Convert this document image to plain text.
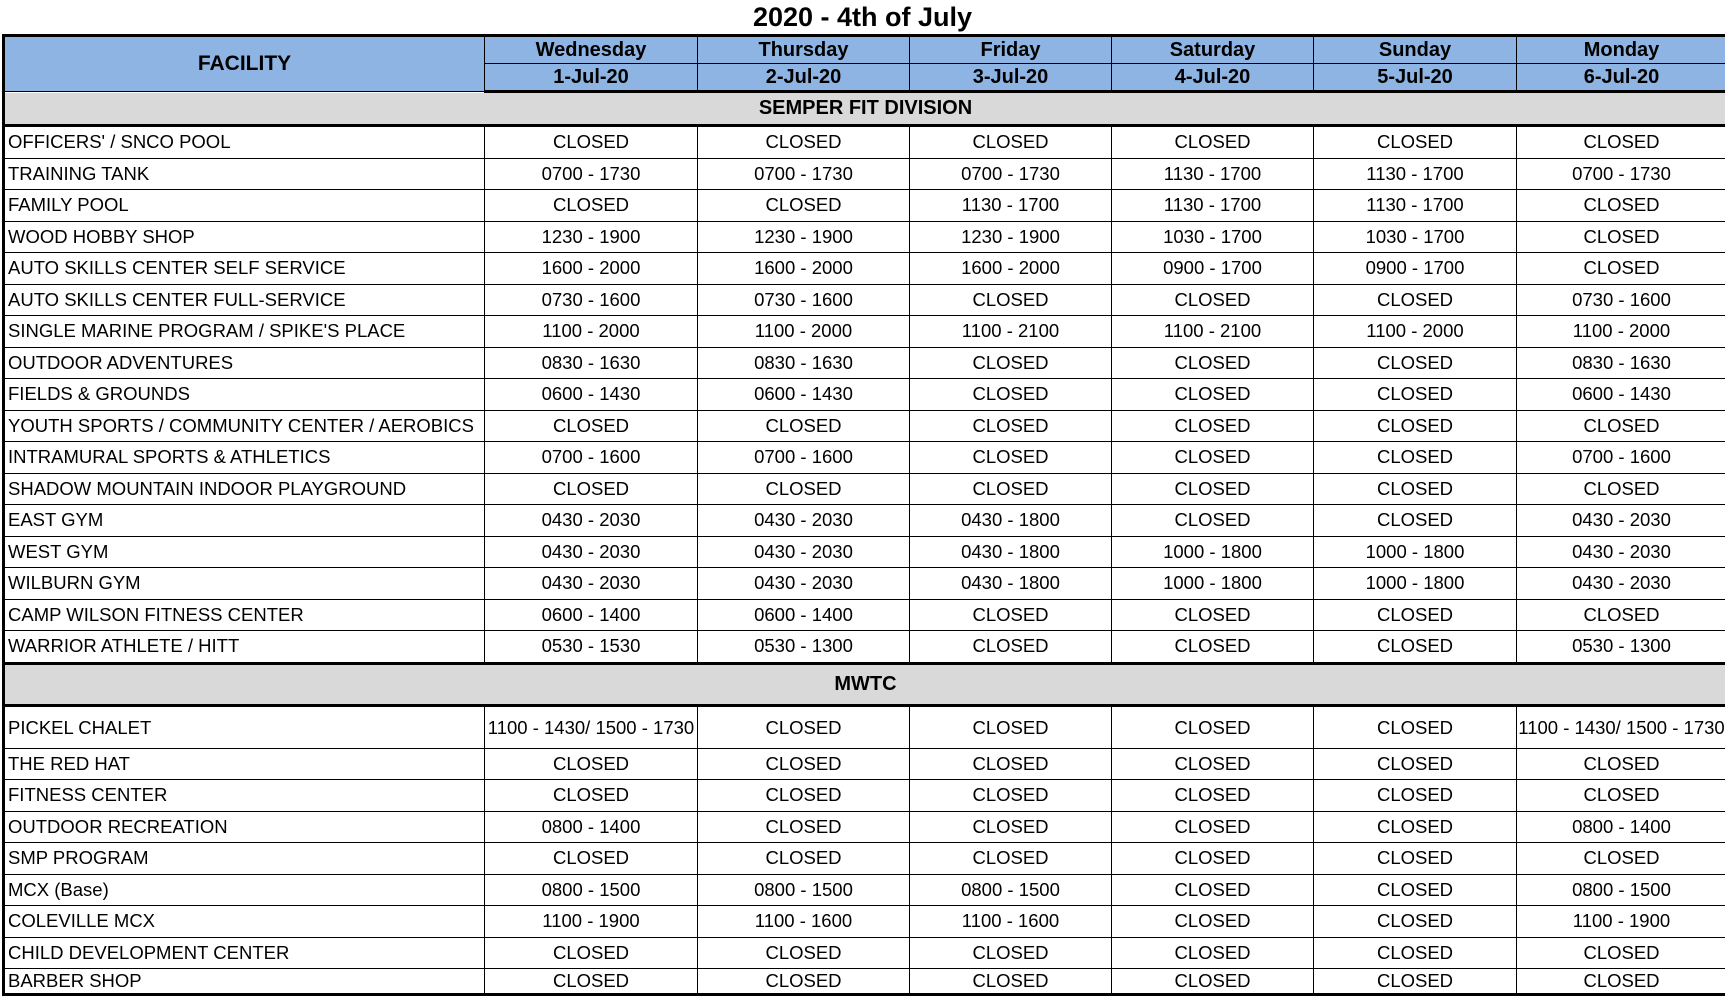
2020 - 4th of July
FACILITY	Wednesday	Thursday	Friday	Saturday	Sunday	Monday
	1-Jul-20	2-Jul-20	3-Jul-20	4-Jul-20	5-Jul-20	6-Jul-20
SEMPER FIT DIVISION						
OFFICERS' / SNCO POOL	CLOSED	CLOSED	CLOSED	CLOSED	CLOSED	CLOSED
TRAINING TANK	0700 - 1730	0700 - 1730	0700 - 1730	1130 - 1700	1130 - 1700	0700 - 1730
FAMILY POOL	CLOSED	CLOSED	1130 - 1700	1130 - 1700	1130 - 1700	CLOSED
WOOD HOBBY SHOP	1230 - 1900	1230 - 1900	1230 - 1900	1030 - 1700	1030 - 1700	CLOSED
AUTO SKILLS CENTER SELF SERVICE	1600 - 2000	1600 - 2000	1600 - 2000	0900 - 1700	0900 - 1700	CLOSED
AUTO SKILLS CENTER FULL-SERVICE	0730 - 1600	0730 - 1600	CLOSED	CLOSED	CLOSED	0730 - 1600
SINGLE MARINE PROGRAM / SPIKE'S PLACE	1100 - 2000	1100 - 2000	1100 - 2100	1100 - 2100	1100 - 2000	1100 - 2000
OUTDOOR ADVENTURES	0830 - 1630	0830 - 1630	CLOSED	CLOSED	CLOSED	0830 - 1630
FIELDS & GROUNDS	0600 - 1430	0600 - 1430	CLOSED	CLOSED	CLOSED	0600 - 1430
YOUTH SPORTS / COMMUNITY CENTER / AEROBICS	CLOSED	CLOSED	CLOSED	CLOSED	CLOSED	CLOSED
INTRAMURAL SPORTS & ATHLETICS	0700 - 1600	0700 - 1600	CLOSED	CLOSED	CLOSED	0700 - 1600
SHADOW MOUNTAIN INDOOR PLAYGROUND	CLOSED	CLOSED	CLOSED	CLOSED	CLOSED	CLOSED
EAST GYM	0430 - 2030	0430 - 2030	0430 - 1800	CLOSED	CLOSED	0430 - 2030
WEST GYM	0430 - 2030	0430 - 2030	0430 - 1800	1000 - 1800	1000 - 1800	0430 - 2030
WILBURN GYM	0430 - 2030	0430 - 2030	0430 - 1800	1000 - 1800	1000 - 1800	0430 - 2030
CAMP WILSON FITNESS CENTER	0600 - 1400	0600 - 1400	CLOSED	CLOSED	CLOSED	CLOSED
WARRIOR ATHLETE / HITT	0530 - 1530	0530 - 1300	CLOSED	CLOSED	CLOSED	0530 - 1300
MWTC						
PICKEL CHALET	1100 - 1430/ 1500 - 1730	CLOSED	CLOSED	CLOSED	CLOSED	1100 - 1430/ 1500 - 1730
THE RED HAT	CLOSED	CLOSED	CLOSED	CLOSED	CLOSED	CLOSED
FITNESS CENTER	CLOSED	CLOSED	CLOSED	CLOSED	CLOSED	CLOSED
OUTDOOR RECREATION	0800 - 1400	CLOSED	CLOSED	CLOSED	CLOSED	0800 - 1400
SMP PROGRAM	CLOSED	CLOSED	CLOSED	CLOSED	CLOSED	CLOSED
MCX (Base)	0800 - 1500	0800 - 1500	0800 - 1500	CLOSED	CLOSED	0800 - 1500
COLEVILLE MCX	1100 - 1900	1100 - 1600	1100 - 1600	CLOSED	CLOSED	1100 - 1900
CHILD DEVELOPMENT CENTER	CLOSED	CLOSED	CLOSED	CLOSED	CLOSED	CLOSED
BARBER SHOP	CLOSED	CLOSED	CLOSED	CLOSED	CLOSED	CLOSED
